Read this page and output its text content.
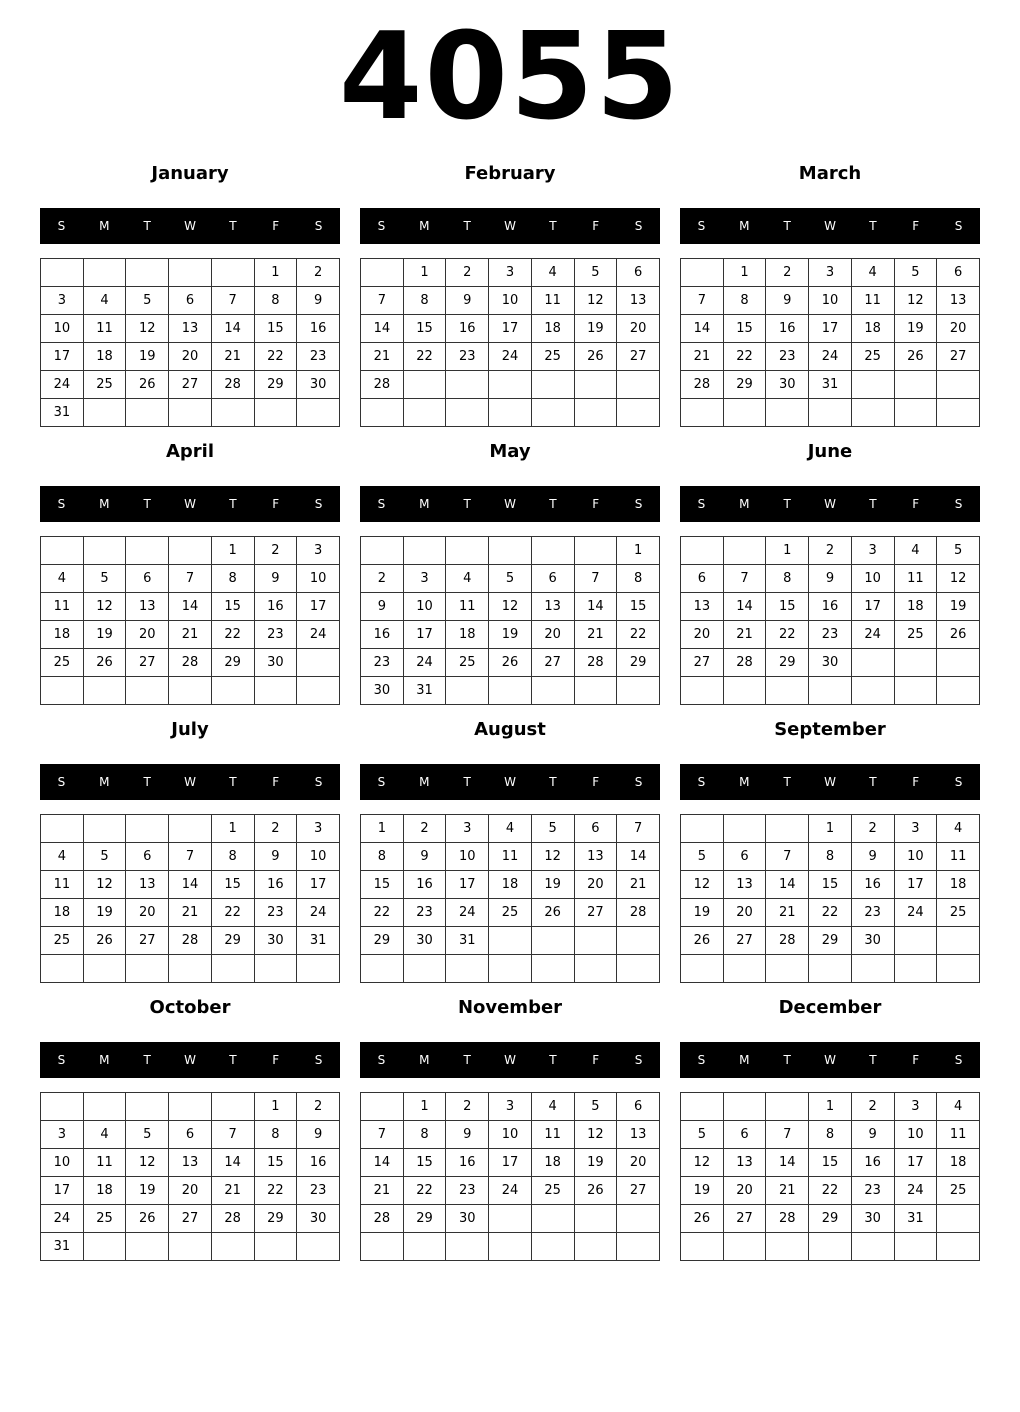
4055
January
S	M	T	W	T	F	S
					1	2
3	4	5	6	7	8	9
10	11	12	13	14	15	16
17	18	19	20	21	22	23
24	25	26	27	28	29	30
31						
February
S	M	T	W	T	F	S
	1	2	3	4	5	6
7	8	9	10	11	12	13
14	15	16	17	18	19	20
21	22	23	24	25	26	27
28						

March
S	M	T	W	T	F	S
	1	2	3	4	5	6
7	8	9	10	11	12	13
14	15	16	17	18	19	20
21	22	23	24	25	26	27
28	29	30	31			

April
S	M	T	W	T	F	S
				1	2	3
4	5	6	7	8	9	10
11	12	13	14	15	16	17
18	19	20	21	22	23	24
25	26	27	28	29	30	

May
S	M	T	W	T	F	S
						1
2	3	4	5	6	7	8
9	10	11	12	13	14	15
16	17	18	19	20	21	22
23	24	25	26	27	28	29
30	31					
June
S	M	T	W	T	F	S
		1	2	3	4	5
6	7	8	9	10	11	12
13	14	15	16	17	18	19
20	21	22	23	24	25	26
27	28	29	30			

July
S	M	T	W	T	F	S
				1	2	3
4	5	6	7	8	9	10
11	12	13	14	15	16	17
18	19	20	21	22	23	24
25	26	27	28	29	30	31

August
S	M	T	W	T	F	S
1	2	3	4	5	6	7
8	9	10	11	12	13	14
15	16	17	18	19	20	21
22	23	24	25	26	27	28
29	30	31				

September
S	M	T	W	T	F	S
			1	2	3	4
5	6	7	8	9	10	11
12	13	14	15	16	17	18
19	20	21	22	23	24	25
26	27	28	29	30		

October
S	M	T	W	T	F	S
					1	2
3	4	5	6	7	8	9
10	11	12	13	14	15	16
17	18	19	20	21	22	23
24	25	26	27	28	29	30
31						
November
S	M	T	W	T	F	S
	1	2	3	4	5	6
7	8	9	10	11	12	13
14	15	16	17	18	19	20
21	22	23	24	25	26	27
28	29	30				

December
S	M	T	W	T	F	S
			1	2	3	4
5	6	7	8	9	10	11
12	13	14	15	16	17	18
19	20	21	22	23	24	25
26	27	28	29	30	31	
